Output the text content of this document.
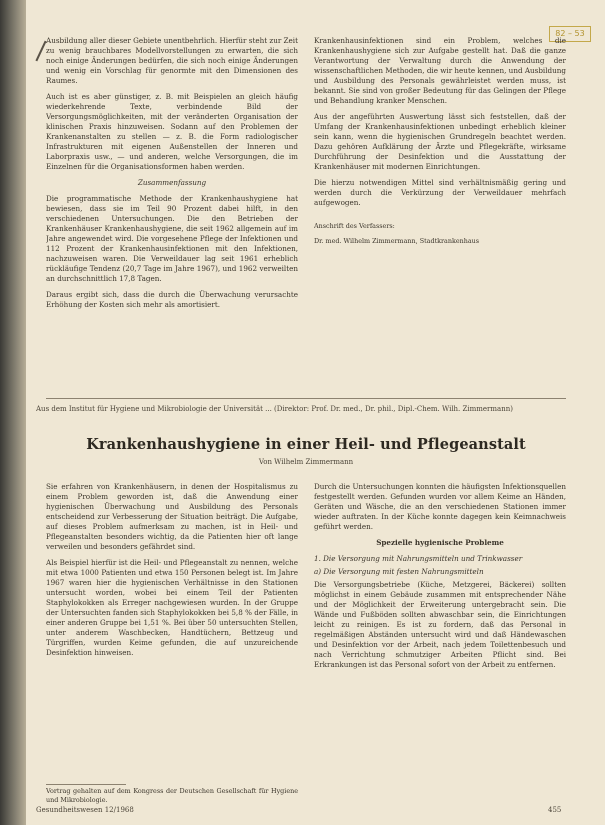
82 – 53

Ausbildung aller dieser Gebiete unentbehrlich. Hierfür steht zur Zeit zu wenig brauchbares Modellvorstellungen zu erwarten, die sich noch einige Änderungen bedürfen, die sich noch einige Änderungen und wenig ein Vorschlag für genormte mit den Dimensionen des Raumes.

Auch ist es aber günstiger, z. B. mit Beispielen an gleich häufig wiederkehrende Texte, verbindende Bild der Versorgungsmöglichkeiten, mit der veränderten Organisation der klinischen Praxis hinzuweisen. Sodann auf den Problemen der Krankenanstalten zu stellen — z. B. die Form radiologischer Infrastrukturen mit eigenen Außenstellen der Inneren und Laborpraxis usw., — und anderen, welche Versorgungen, die im Einzelnen für die Organisationsformen haben werden.

Zusammenfassung

Die programmatische Methode der Krankenhaushygiene hat bewiesen, dass sie im Teil 90 Prozent dabei hilft, in den verschiedenen Untersuchungen. Die den Betrieben der Krankenhäuser Krankenhaushygiene, die seit 1962 allgemein auf im Jahre angewendet wird. Die vorgesehene Pflege der Infektionen und 112 Prozent der Krankenhausinfektionen mit den Infektionen, nachzuweisen waren. Die Verweildauer lag seit 1961 erheblich rückläufige Tendenz (20,7 Tage im Jahre 1967), und 1962 verweilten an durchschnittlich 17,8 Tagen.

Daraus ergibt sich, dass die durch die Überwachung verursachte Erhöhung der Kosten sich mehr als amortisiert.

Krankenhausinfektionen sind ein Problem, welches die Krankenhaushygiene sich zur Aufgabe gestellt hat. Daß die ganze Verantwortung der Verwaltung durch die Anwendung der wissenschaftlichen Methoden, die wir heute kennen, und Ausbildung und Ausbildung des Personals gewährleistet werden muss, ist bekannt. Sie sind von großer Bedeutung für das Gelingen der Pflege und Behandlung kranker Menschen.

Aus der angeführten Auswertung lässt sich feststellen, daß der Umfang der Krankenhausinfektionen unbedingt erheblich kleiner sein kann, wenn die hygienischen Grundregeln beachtet werden. Dazu gehören Aufklärung der Ärzte und Pflegekräfte, wirksame Durchführung der Desinfektion und die Ausstattung der Krankenhäuser mit modernen Einrichtungen.

Die hierzu notwendigen Mittel sind verhältnismäßig gering und werden durch die Verkürzung der Verweildauer mehrfach aufgewogen.

Anschrift des Verfassers:

Dr. med. Wilhelm Zimmermann, Stadtkrankenhaus

Aus dem Institut für Hygiene und Mikrobiologie der Universität ... (Direktor: Prof. Dr. med., Dr. phil., Dipl.-Chem. Wilh. Zimmermann)
Krankenhaushygiene in einer Heil- und Pflegeanstalt
Von Wilhelm Zimmermann

Sie erfahren von Krankenhäusern, in denen der Hospitalismus zu einem Problem geworden ist, daß die Anwendung einer hygienischen Überwachung und Ausbildung des Personals entscheidend zur Verbesserung der Situation beiträgt. Die Aufgabe, auf dieses Problem aufmerksam zu machen, ist in Heil- und Pflegeanstalten besonders wichtig, da die Patienten hier oft lange verweilen und besonders gefährdet sind.

Als Beispiel hierfür ist die Heil- und Pflegeanstalt zu nennen, welche mit etwa 1000 Patienten und etwa 150 Personen belegt ist. Im Jahre 1967 waren hier die hygienischen Verhältnisse in den Stationen untersucht worden, wobei bei einem Teil der Patienten Staphylokokken als Erreger nachgewiesen wurden. In der Gruppe der Untersuchten fanden sich Staphylokokken bei 5,8 % der Fälle, in einer anderen Gruppe bei 1,51 %. Bei über 50 untersuchten Stellen, unter anderem Waschbecken, Handtüchern, Bettzeug und Türgriffen, wurden Keime gefunden, die auf unzureichende Desinfektion hinweisen.

Vortrag gehalten auf dem Kongress der Deutschen Gesellschaft für Hygiene und Mikrobiologie.

Durch die Untersuchungen konnten die häufigsten Infektionsquellen festgestellt werden. Gefunden wurden vor allem Keime an Händen, Geräten und Wäsche, die an den verschiedenen Stationen immer wieder auftraten. In der Küche konnte dagegen kein Keimnachweis geführt werden.

Spezielle hygienische Probleme

1. Die Versorgung mit Nahrungsmitteln und Trinkwasser

a) Die Versorgung mit festen Nahrungsmitteln

Die Versorgungsbetriebe (Küche, Metzgerei, Bäckerei) sollten möglichst in einem Gebäude zusammen mit entsprechender Nähe und der Möglichkeit der Erweiterung untergebracht sein. Die Wände und Fußböden sollten abwaschbar sein, die Einrichtungen leicht zu reinigen. Es ist zu fordern, daß das Personal in regelmäßigen Abständen untersucht wird und daß Händewaschen und Desinfektion vor der Arbeit, nach jedem Toilettenbesuch und nach Verrichtung schmutziger Arbeiten Pflicht sind. Bei Erkrankungen ist das Personal sofort von der Arbeit zu entfernen.

Gesundheitswesen 12/1968	455
